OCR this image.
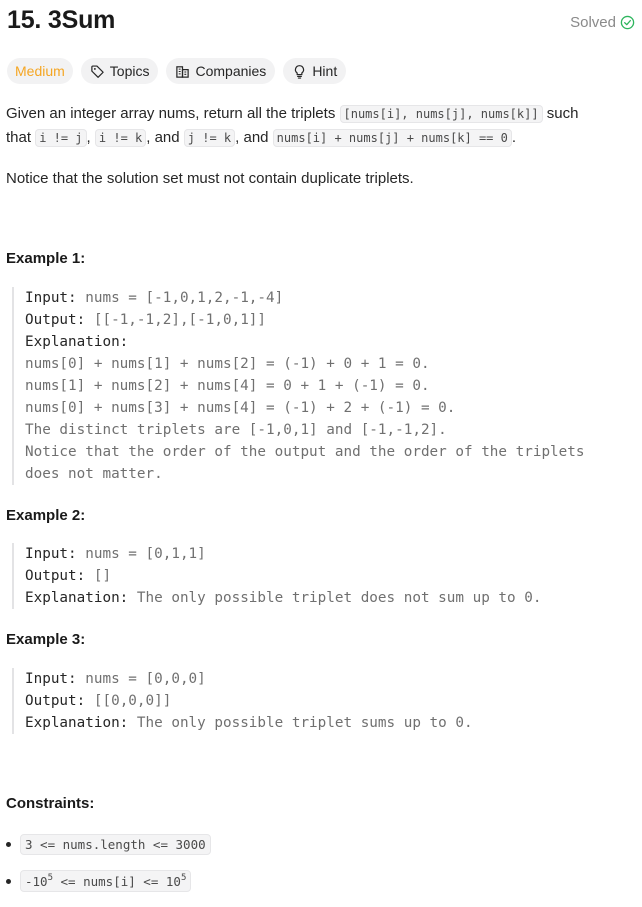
15. 3Sum	Solved
Medium	Topics	Companies	Hint
Given an integer array nums, return all the triplets [nums[i], nums[j], nums[k]] such
that i != j , i != k , and j != k , and nums[i] + nums[j] + nums[k] == 0 .
Notice that the solution set must not contain duplicate triplets.
Example 1:
Input: nums = [-1,0,1,2,-1,-4]
Output: [[-1,-1,2],[-1,0,1]]
Explanation:
nums[0] + nums[1] + nums[2] = (-1) + 0 + 1 = 0.
nums[1] + nums[2] + nums[4] = 0 + 1 + (-1) = 0.
nums[0] + nums[3] + nums[4] = (-1) + 2 + (-1) = 0.
The distinct triplets are [-1,0,1] and [-1,-1,2].
Notice that the order of the output and the order of the triplets
does not matter.
Example 2:
Input: nums = [0,1,1]
Output: []
Explanation: The only possible triplet does not sum up to 0.
Example 3:
Input: nums = [0,0,0]
Output: [[0,0,0]]
Explanation: The only possible triplet sums up to 0.
Constraints:
3 <= nums.length <= 3000
$-10^5$ <= nums[i] <= $10^5$
